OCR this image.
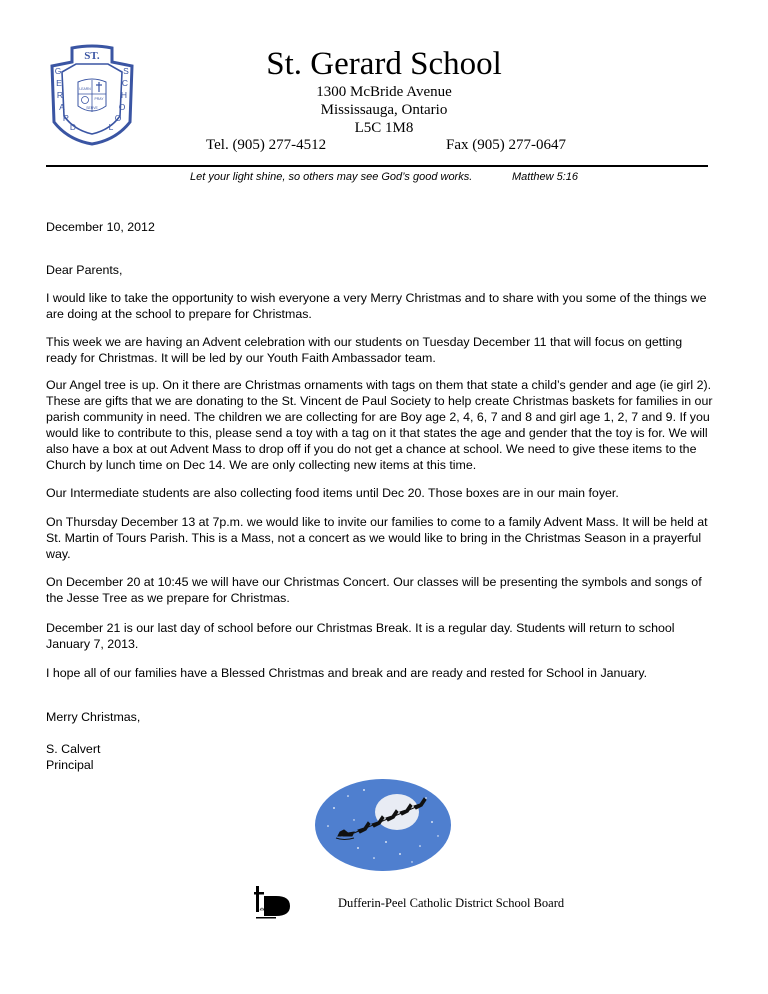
ST.
G
E
R
A
R
D
S
C
H
O
O
L
LEARN
PRAY
SERVE
St. Gerard School
1300 McBride Avenue
Mississauga, Ontario
L5C 1M8
Tel. (905) 277-4512	Fax (905) 277-0647
Let your light shine, so others may see God’s good works.	Matthew 5:16
December 10, 2012
Dear Parents,
I would like to take the opportunity to wish everyone a very Merry Christmas and to share with you some of the things we are doing at the school to prepare for Christmas.
This week we are having an Advent celebration with our students on Tuesday December 11 that will focus on getting ready for Christmas. It will be led by our Youth Faith Ambassador team.
Our Angel tree is up. On it there are Christmas ornaments with tags on them that state a child’s gender and age (ie girl 2). These are gifts that we are donating to the St. Vincent de Paul Society to help create Christmas baskets for families in our parish community in need. The children we are collecting for are Boy age 2, 4, 6, 7 and 8 and girl age 1, 2, 7 and 9. If you would like to contribute to this, please send a toy with a tag on it that states the age and gender that the toy is for. We will also have a box at out Advent Mass to drop off if you do not get a chance at school. We need to give these items to the Church by lunch time on Dec 14. We are only collecting new items at this time.
Our Intermediate students are also collecting food items until Dec 20. Those boxes are in our main foyer.
On Thursday December 13 at 7p.m. we would like to invite our families to come to a family Advent Mass. It will be held at St. Martin of Tours Parish. This is a Mass, not a concert as we would like to bring in the Christmas Season in a prayerful way.
On December 20 at 10:45 we will have our Christmas Concert. Our classes will be presenting the symbols and songs of the Jesse Tree as we prepare for Christmas.
December 21 is our last day of school before our Christmas Break. It is a regular day. Students will return to school January 7, 2013.
I hope all of our families have a Blessed Christmas and break and are ready and rested for School in January.
Merry Christmas,
S. Calvert
Principal
Dufferin-Peel Catholic District School Board
